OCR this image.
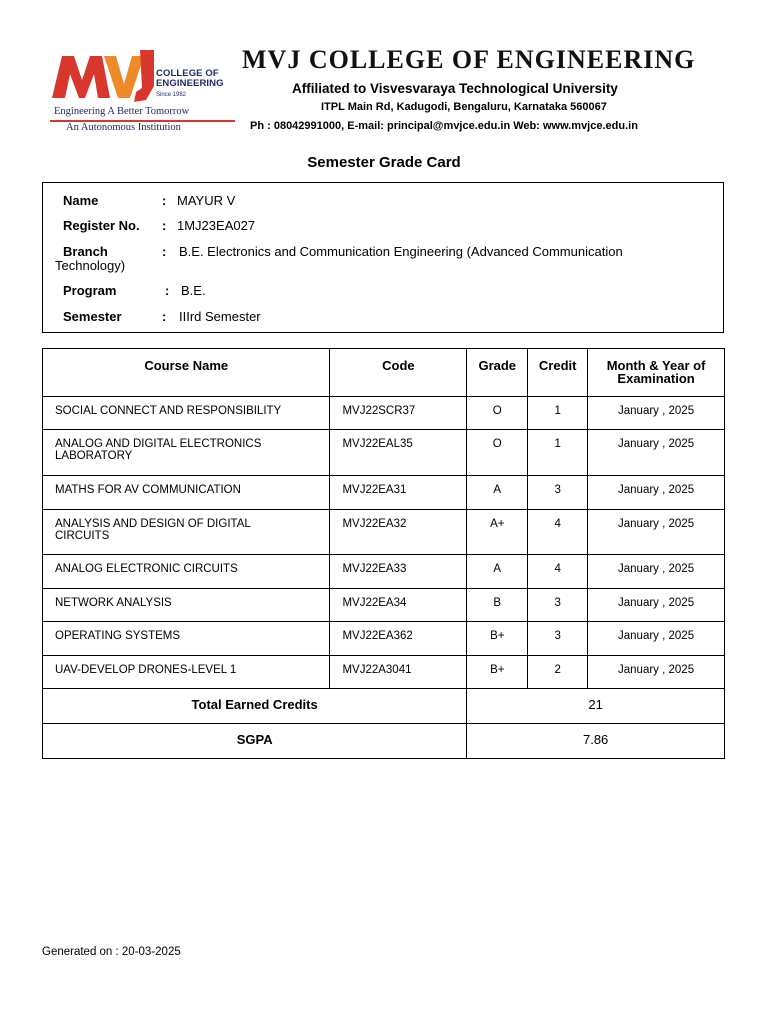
COLLEGE OF
ENGINEERING
Since 1982
Engineering A Better Tomorrow
An Autonomous Institution
MVJ COLLEGE OF ENGINEERING
Affiliated to Visvesvaraya Technological University
ITPL Main Rd, Kadugodi, Bengaluru, Karnataka 560067
Ph : 08042991000, E-mail: principal@mvjce.edu.in Web: www.mvjce.edu.in
Semester Grade Card
Name	: MAYUR V
Register No. : 1MJ23EA027
Branch	: B.E. Electronics and Communication Engineering (Advanced Communication
Technology)
Program	: B.E.
Semester	: IIIrd Semester
Course Name	Code	Grade	Credit	Month & Year of
Examination

SOCIAL CONNECT AND RESPONSIBILITY	MVJ22SCR37	O	1	January , 2025

ANALOG AND DIGITAL ELECTRONICS
LABORATORY	MVJ22EAL35	O	1	January , 2025

MATHS FOR AV COMMUNICATION	MVJ22EA31	A	3	January , 2025

ANALYSIS AND DESIGN OF DIGITAL
CIRCUITS	MVJ22EA32	A+	4	January , 2025

ANALOG ELECTRONIC CIRCUITS	MVJ22EA33	A	4	January , 2025

NETWORK ANALYSIS	MVJ22EA34	B	3	January , 2025

OPERATING SYSTEMS	MVJ22EA362	B+	3	January , 2025

UAV-DEVELOP DRONES-LEVEL 1	MVJ22A3041	B+	2	January , 2025
Total Earned Credits		21		
SGPA		7.86		
Generated on : 20-03-2025
